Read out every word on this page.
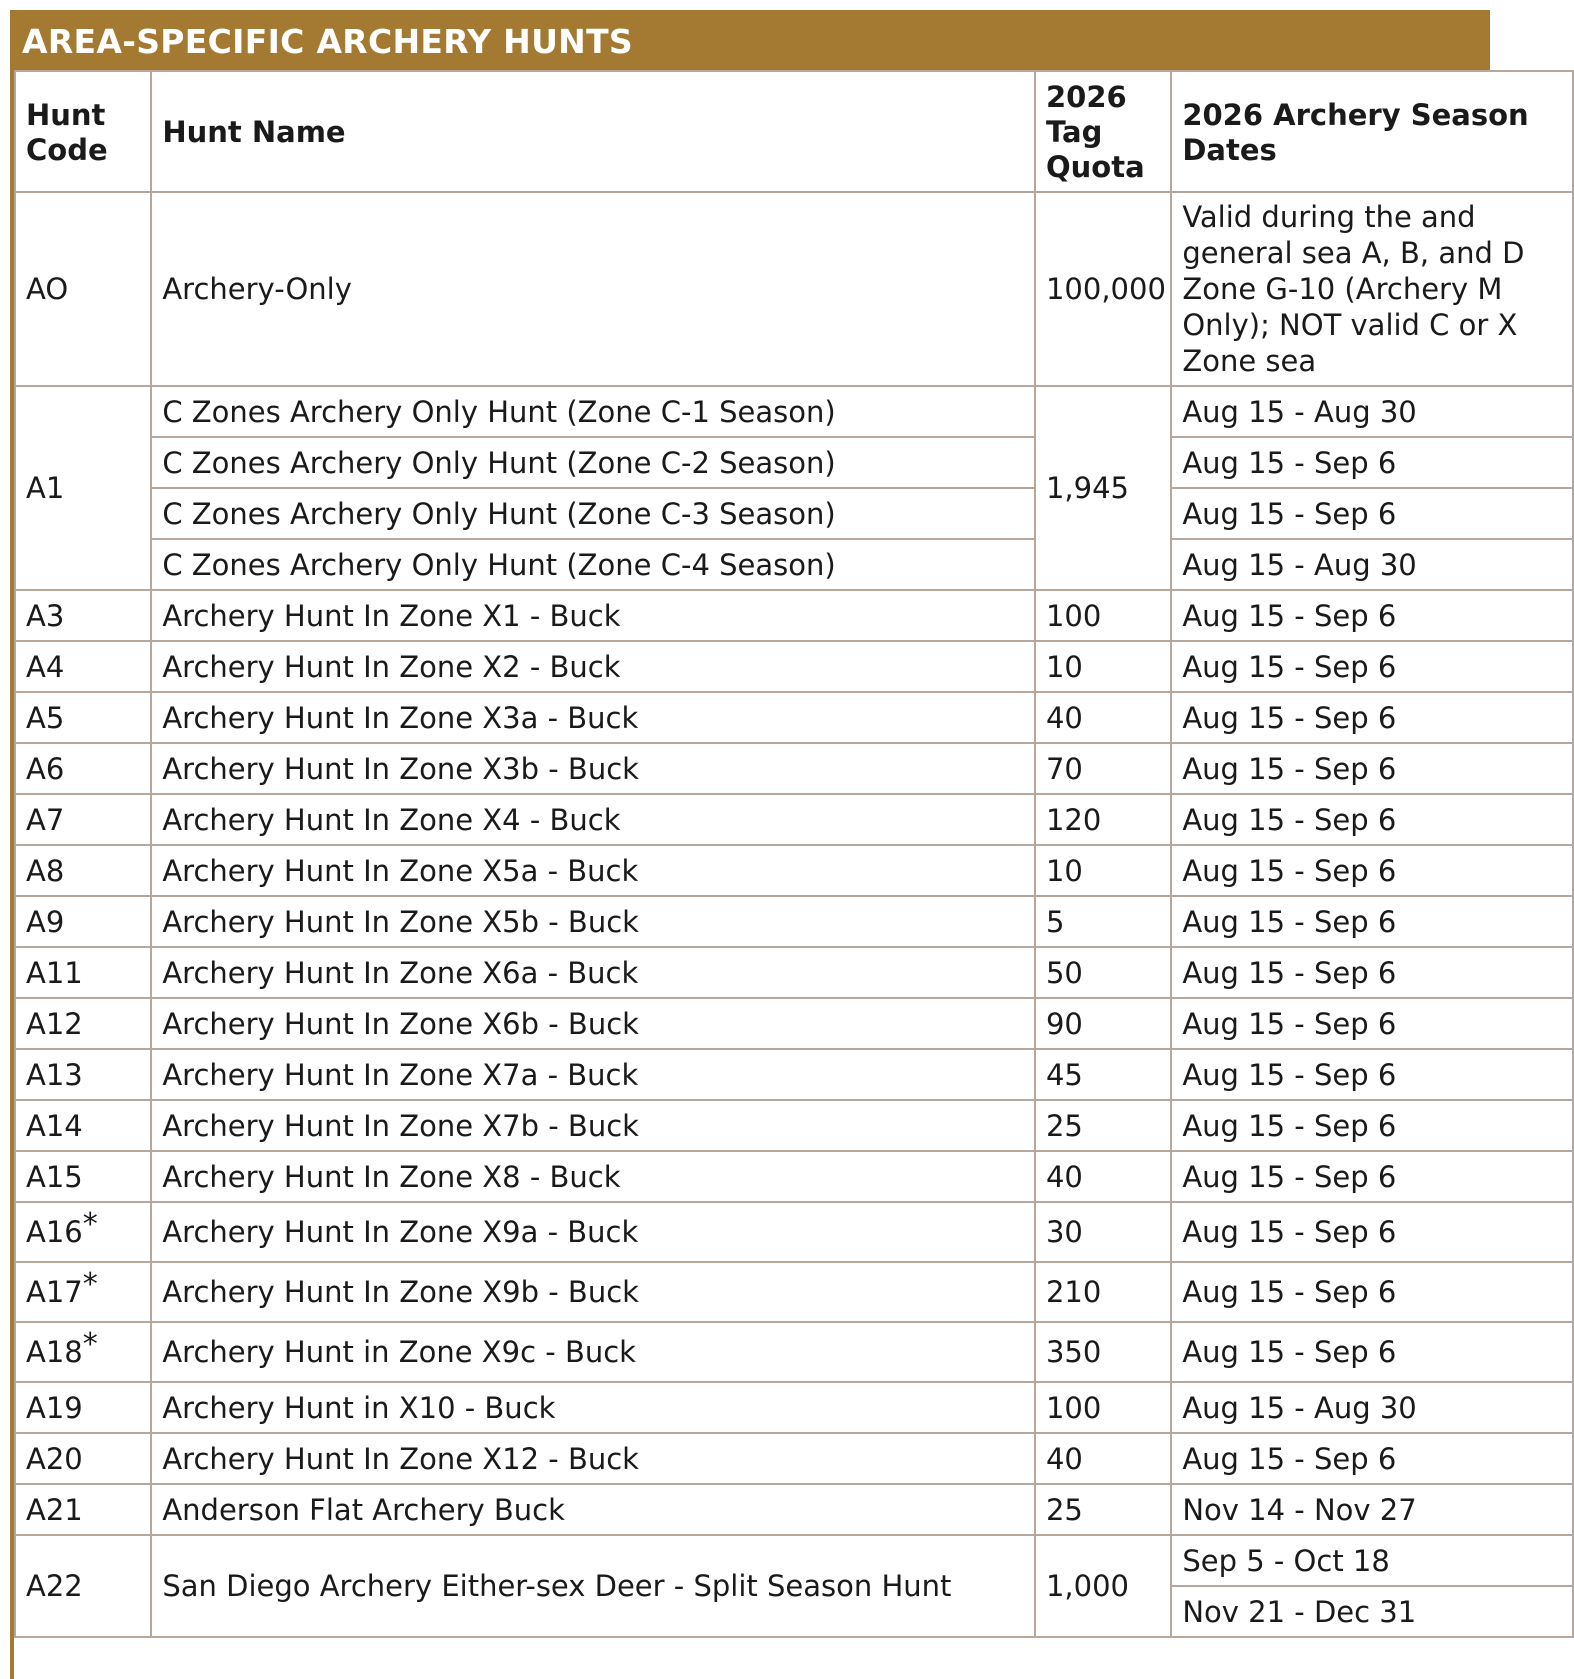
AREA-SPECIFIC ARCHERY HUNTS
Hunt Code	Hunt Name	2026 Tag Quota	2026 Archery Season Dates
AO	Archery-Only	100,000	Valid during the and general sea A, B, and D Zone G-10 (Archery M Only); NOT valid C or X Zone sea
A1	C Zones Archery Only Hunt (Zone C-1 Season)	1,945	Aug 15 - Aug 30
	C Zones Archery Only Hunt (Zone C-2 Season)		Aug 15 - Sep 6
	C Zones Archery Only Hunt (Zone C-3 Season)		Aug 15 - Sep 6
	C Zones Archery Only Hunt (Zone C-4 Season)		Aug 15 - Aug 30
A3	Archery Hunt In Zone X1 - Buck	100	Aug 15 - Sep 6
A4	Archery Hunt In Zone X2 - Buck	10	Aug 15 - Sep 6
A5	Archery Hunt In Zone X3a - Buck	40	Aug 15 - Sep 6
A6	Archery Hunt In Zone X3b - Buck	70	Aug 15 - Sep 6
A7	Archery Hunt In Zone X4 - Buck	120	Aug 15 - Sep 6
A8	Archery Hunt In Zone X5a - Buck	10	Aug 15 - Sep 6
A9	Archery Hunt In Zone X5b - Buck	5	Aug 15 - Sep 6
A11	Archery Hunt In Zone X6a - Buck	50	Aug 15 - Sep 6
A12	Archery Hunt In Zone X6b - Buck	90	Aug 15 - Sep 6
A13	Archery Hunt In Zone X7a - Buck	45	Aug 15 - Sep 6
A14	Archery Hunt In Zone X7b - Buck	25	Aug 15 - Sep 6
A15	Archery Hunt In Zone X8 - Buck	40	Aug 15 - Sep 6
A16*	Archery Hunt In Zone X9a - Buck	30	Aug 15 - Sep 6
A17*	Archery Hunt In Zone X9b - Buck	210	Aug 15 - Sep 6
A18*	Archery Hunt in Zone X9c - Buck	350	Aug 15 - Sep 6
A19	Archery Hunt in X10 - Buck	100	Aug 15 - Aug 30
A20	Archery Hunt In Zone X12 - Buck	40	Aug 15 - Sep 6
A21	Anderson Flat Archery Buck	25	Nov 14 - Nov 27
A22	San Diego Archery Either-sex Deer - Split Season Hunt	1,000	Sep 5 - Oct 18
			Nov 21 - Dec 31
